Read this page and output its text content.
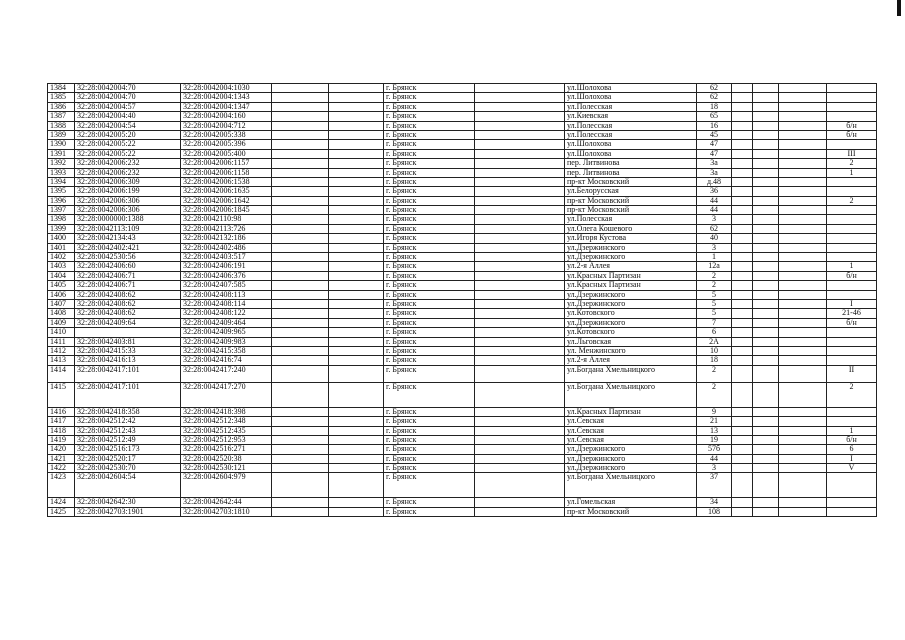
1384	32:28:0042004:70	32:28:0042004:1030			г. Брянск		ул.Шолохова	62				
1385	32:28:0042004:70	32:28:0042004:1343			г. Брянск		ул.Шолохова	62				
1386	32:28:0042004:57	32:28:0042004:1347			г. Брянск		ул.Полесская	18				
1387	32:28:0042004:40	32:28:0042004:160			г. Брянск		ул.Киевская	65				
1388	32:28:0042004:54	32:28:0042004:712			г. Брянск		ул.Полесская	16				б/н
1389	32:28:0042005:20	32:28:0042005:338			г. Брянск		ул.Полесская	45				б/н
1390	32:28:0042005:22	32:28:0042005:396			г. Брянск		ул.Шолохова	47				
1391	32:28:0042005:22	32:28:0042005:400			г. Брянск		ул.Шолохова	47				III
1392	32:28:0042006:232	32:28:0042006:1157			г. Брянск		пер. Литвинова	3а				2
1393	32:28:0042006:232	32:28:0042006:1158			г. Брянск		пер. Литвинова	3а				1
1394	32:28:0042006:309	32:28:0042006:1538			г. Брянск		пр-кт Московский	д.48				
1395	32:28:0042006:199	32:28:0042006:1635			г. Брянск		ул.Белорусская	36				
1396	32:28:0042006:306	32:28:0042006:1642			г. Брянск		пр-кт Московский	44				2
1397	32:28:0042006:306	32:28:0042006:1845			г. Брянск		пр-кт Московский	44				
1398	32:28:0000000:1388	32:28:0042110:98			г. Брянск		ул.Полесская	3				
1399	32:28:0042113:109	32:28:0042113:726			г. Брянск		ул.Олега Кошевого	62				
1400	32:28:0042134:43	32:28:0042132:186			г. Брянск		ул.Игоря Кустова	40				
1401	32:28:0042402:421	32:28:0042402:486			г. Брянск		ул.Дзержинского	3				
1402	32:28:0042530:56	32:28:0042403:517			г. Брянск		ул.Дзержинского	1				
1403	32:28:0042406:60	32:28:0042406:191			г. Брянск		ул.2-я Аллея	12а				1
1404	32:28:0042406:71	32:28:0042406:376			г. Брянск		ул.Красных Партизан	2				б/н
1405	32:28:0042406:71	32:28:0042407:585			г. Брянск		ул.Красных Партизан	2				
1406	32:28:0042408:62	32:28:0042408:113			г. Брянск		ул.Дзержинского	5				
1407	32:28:0042408:62	32:28:0042408:114			г. Брянск		ул.Дзержинского	5				I
1408	32:28:0042408:62	32:28:0042408:122			г. Брянск		ул.Котовского	5				21-46
1409	32:28:0042409:64	32:28:0042409:464			г. Брянск		ул.Дзержинского	7				б/н
1410		32:28:0042409:965			г. Брянск		ул.Котовского	6				
1411	32:28:0042403:81	32:28:0042409:983			г. Брянск		ул.Льговская	2А				
1412	32:28:0042415:33	32:28:0042415:358			г. Брянск		ул. Менжинского	10				
1413	32:28:0042416:13	32:28:0042416:74			г. Брянск		ул.2-я Аллея	18				
1414	32:28:0042417:101	32:28:0042417:240			г. Брянск		ул.Богдана Хмельницкого	2				II
1415	32:28:0042417:101	32:28:0042417:270			г. Брянск		ул.Богдана Хмельницкого	2				2
1416	32:28:0042418:358	32:28:0042418:398			г. Брянск		ул.Красных Партизан	9				
1417	32:28:0042512:42	32:28:0042512:348			г. Брянск		ул.Севская	21				
1418	32:28:0042512:43	32:28:0042512:435			г. Брянск		ул.Севская	13				1
1419	32:28:0042512:49	32:28:0042512:953			г. Брянск		ул.Севская	19				б/н
1420	32:28:0042516:173	32:28:0042516:271			г. Брянск		ул.Дзержинского	57б				6
1421	32:28:0042520:17	32:28:0042520:38			г. Брянск		ул.Дзержинского	44				I
1422	32:28:0042530:70	32:28:0042530:121			г. Брянск		ул.Дзержинского	3				V
1423	32:28:0042604:54	32:28:0042604:979			г. Брянск		ул.Богдана Хмельницкого	37				
1424	32:28:0042642:30	32:28:0042642:44			г. Брянск		ул.Гомельская	34				
1425	32:28:0042703:1901	32:28:0042703:1810			г. Брянск		пр-кт Московский	108				
